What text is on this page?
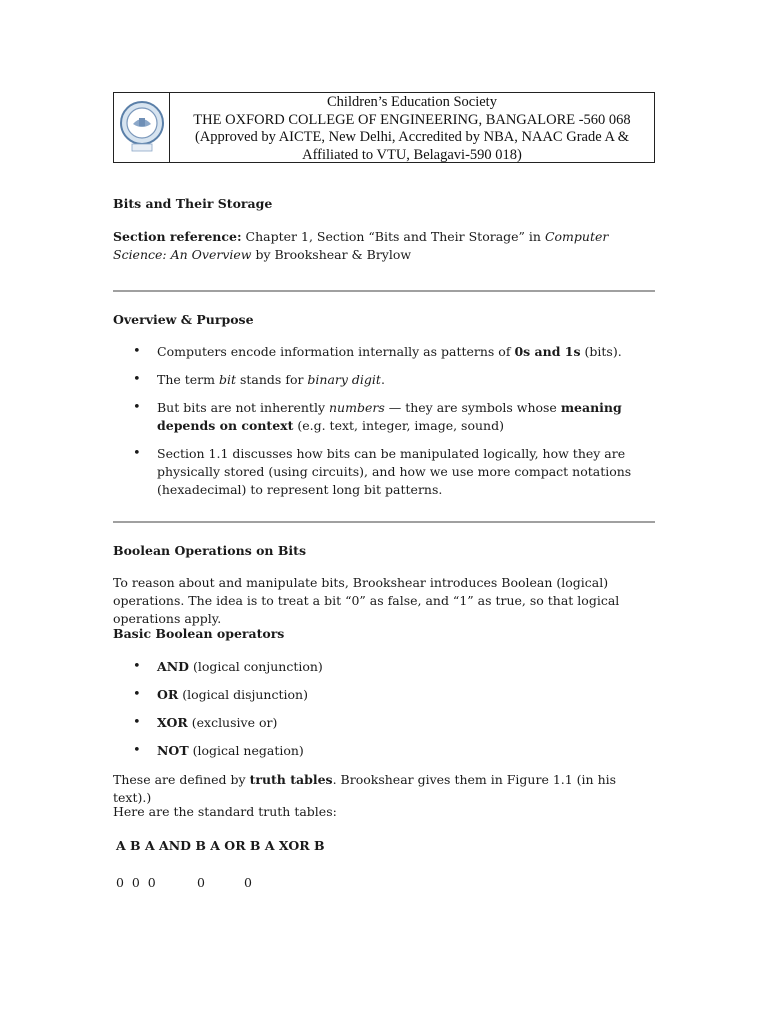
Children’s Education Society
THE OXFORD COLLEGE OF ENGINEERING, BANGALORE -560 068
(Approved by AICTE, New Delhi, Accredited by NBA, NAAC Grade A &
Affiliated to VTU, Belagavi-590 018)
Bits and Their Storage
Section reference: Chapter 1, Section “Bits and Their Storage” in Computer Science: An Overview by Brookshear & Brylow
Overview & Purpose
• Computers encode information internally as patterns of 0s and 1s (bits).
• The term bit stands for binary digit.
• But bits are not inherently numbers — they are symbols whose meaning depends on context (e.g. text, integer, image, sound)
• Section 1.1 discusses how bits can be manipulated logically, how they are physically stored (using circuits), and how we use more compact notations (hexadecimal) to represent long bit patterns.
Boolean Operations on Bits
To reason about and manipulate bits, Brookshear introduces Boolean (logical) operations. The idea is to treat a bit “0” as false, and “1” as true, so that logical operations apply.
Basic Boolean operators
• AND (logical conjunction)
• OR (logical disjunction)
• XOR (exclusive or)
• NOT (logical negation)
These are defined by truth tables. Brookshear gives them in Figure 1.1 (in his text).)
Here are the standard truth tables:
A B A AND B A OR B A XOR B
0  0  0	0	0
